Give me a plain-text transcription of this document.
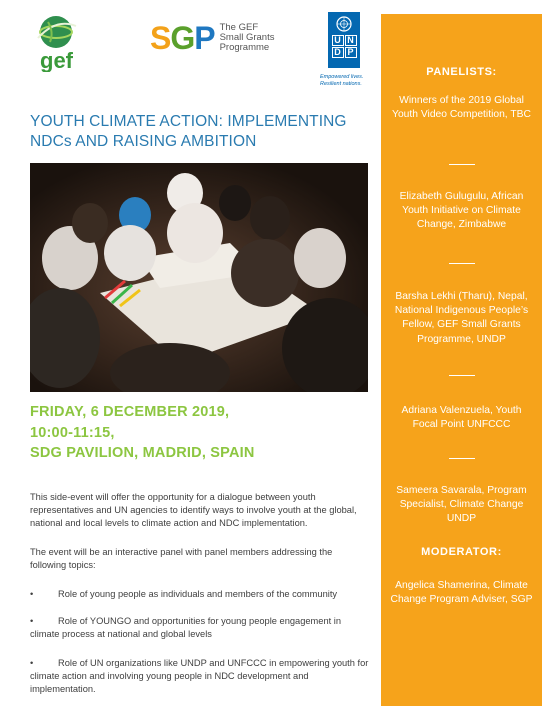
gef
SGP The GEF
Small Grants
Programme
U N
D P
Empowered lives.
Resilient nations.
YOUTH CLIMATE ACTION: IMPLEMENTING
NDCs AND RAISING AMBITION
FRIDAY, 6 DECEMBER 2019,
10:00-11:15,
SDG PAVILION, MADRID, SPAIN

This side-event will offer the opportunity for a dialogue between youth representatives and UN agencies to identify ways to involve youth at the global, national and local levels to climate action and NDC implementation.

The event will be an interactive panel with panel members addressing the following topics:

•	Role of young people as individuals and members of the community

•	Role of YOUNGO and opportunities for young people engagement in climate process at national and global levels

•	Role of UN organizations like UNDP and UNFCCC in empowering youth for climate action and involving young people in NDC development and implementation.

PANELISTS:
Winners of the 2019 Global Youth Video Competition, TBC
Elizabeth Gulugulu, African Youth Initiative on Climate Change, Zimbabwe
Barsha Lekhi (Tharu), Nepal, National Indigenous People’s Fellow, GEF Small Grants Programme, UNDP
Adriana Valenzuela, Youth Focal Point UNFCCC
Sameera Savarala, Program Specialist, Climate Change UNDP
MODERATOR:
Angelica Shamerina, Climate Change Program Adviser, SGP
